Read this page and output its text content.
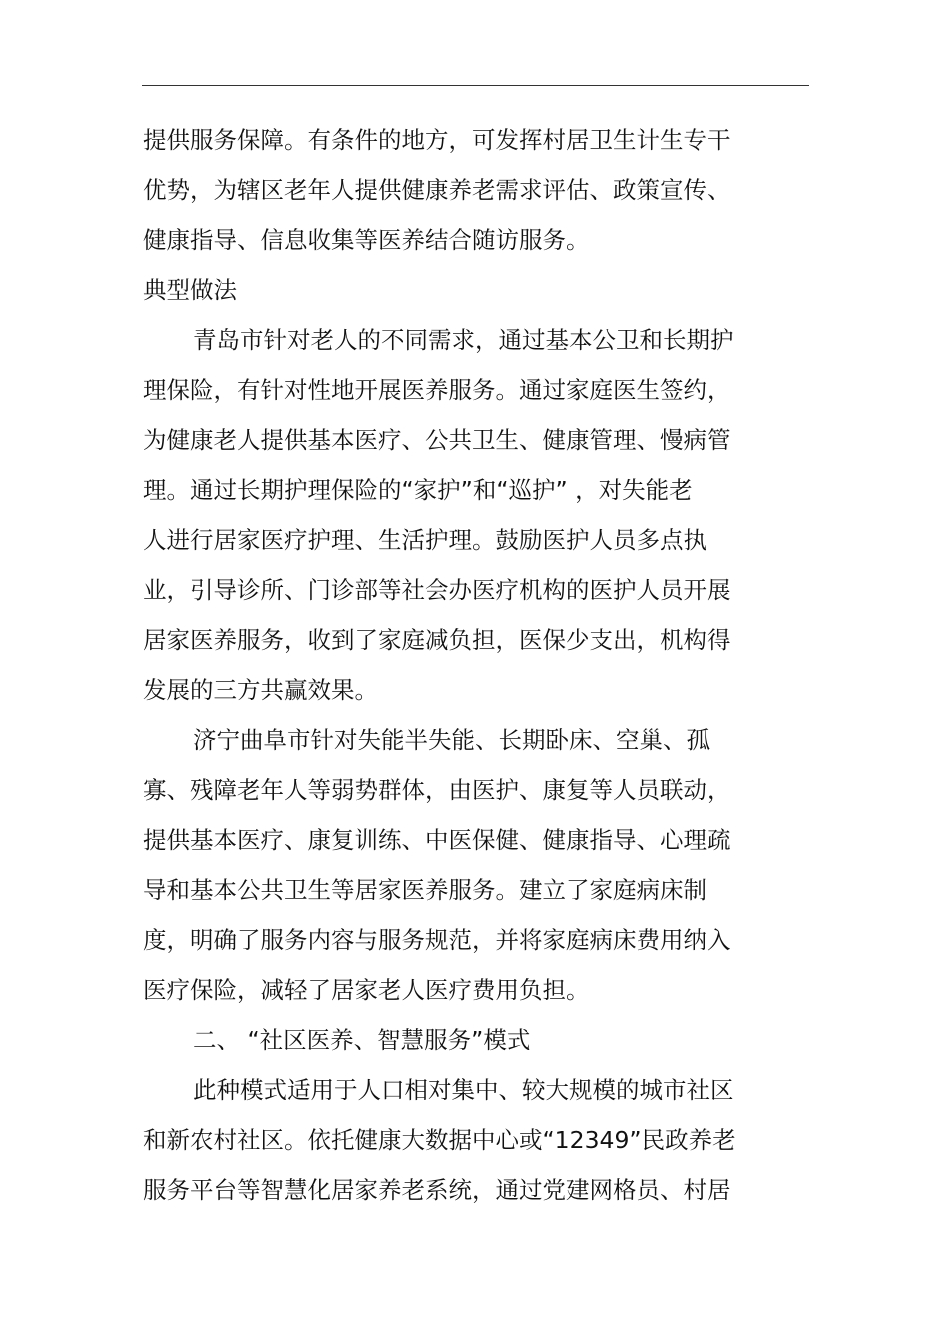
提供服务保障。有条件的地方，可发挥村居卫生计生专干
优势，为辖区老年人提供健康养老需求评估、政策宣传、
健康指导、信息收集等医养结合随访服务。
典型做法
青岛市针对老人的不同需求，通过基本公卫和长期护
理保险，有针对性地开展医养服务。通过家庭医生签约，
为健康老人提供基本医疗、公共卫生、健康管理、慢病管
理。通过长期护理保险的“家护”和“巡护” ，对失能老
人进行居家医疗护理、生活护理。鼓励医护人员多点执
业，引导诊所、门诊部等社会办医疗机构的医护人员开展
居家医养服务，收到了家庭减负担，医保少支出，机构得
发展的三方共赢效果。
济宁曲阜市针对失能半失能、长期卧床、空巢、孤
寡、残障老年人等弱势群体，由医护、康复等人员联动，
提供基本医疗、康复训练、中医保健、健康指导、心理疏
导和基本公共卫生等居家医养服务。建立了家庭病床制
度，明确了服务内容与服务规范，并将家庭病床费用纳入
医疗保险，减轻了居家老人医疗费用负担。
二、 “社区医养、智慧服务”模式
此种模式适用于人口相对集中、较大规模的城市社区
和新农村社区。依托健康大数据中心或“12349”民政养老
服务平台等智慧化居家养老系统，通过党建网格员、村居
